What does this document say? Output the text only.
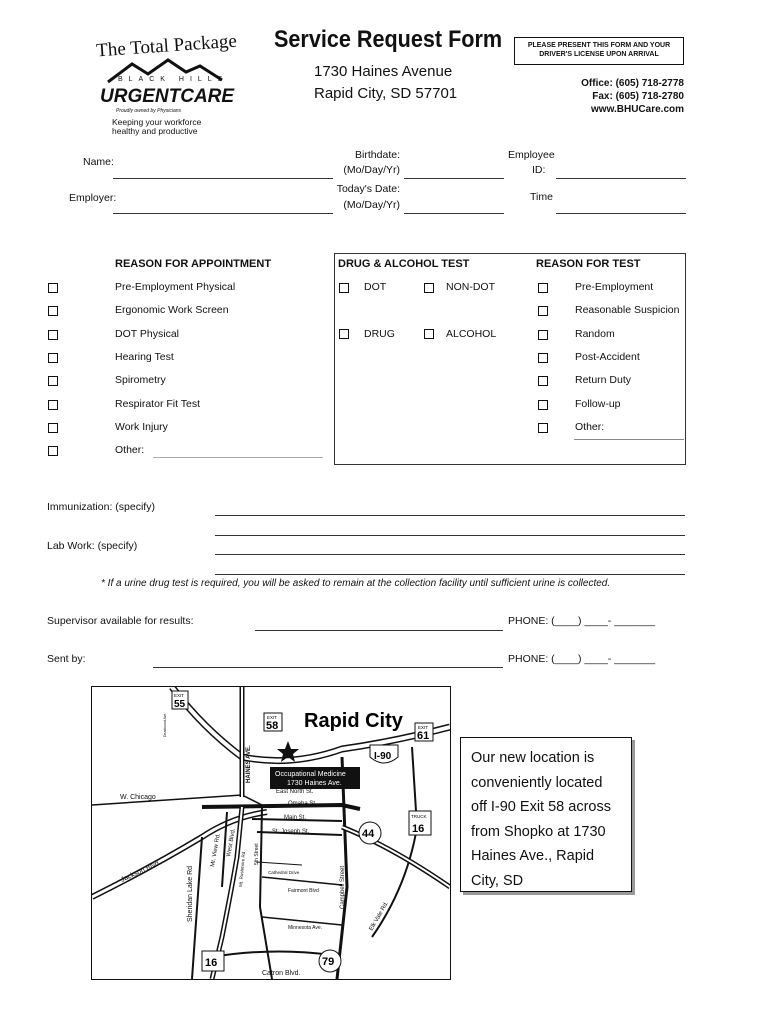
The Total Package
BLACK HILLS
URGENTCARE
Proudly owned by Physicians
Keeping your workforce healthy and productive
Service Request Form
1730 Haines Avenue
Rapid City, SD 57701
PLEASE PRESENT THIS FORM AND YOUR DRIVER'S LICENSE UPON ARRIVAL
Office: (605) 718-2778
Fax: (605) 718-2780
www.BHUCare.com
Name:
Employer:
Birthdate:
(Mo/Day/Yr)
Today's Date:
(Mo/Day/Yr)
Employee
ID:
Time
REASON FOR APPOINTMENT
Pre-Employment Physical
Ergonomic Work Screen
DOT Physical
Hearing Test
Spirometry
Respirator Fit Test
Work Injury
Other:
DRUG & ALCOHOL TEST
DOT	NON-DOT
DRUG	ALCOHOL
REASON FOR TEST
Pre-Employment
Reasonable Suspicion
Random
Post-Accident
Return Duty
Follow-up
Other:
Immunization: (specify)
Lab Work: (specify)
* If a urine drug test is required, you will be asked to remain at the collection facility until sufficient urine is collected.
Supervisor available for results:	PHONE: (____) ____- _______
Sent by:	PHONE: (____) ____- _______
Occupational Medicine
1730 Haines Ave.
Rapid City
EXIT
55
EXIT
58	EXIT
61
I-90
44
TRUCK
16
16	79
W. Chicago
East North St.
Omaha St.
Main St.
St. Joseph St.
Cathedral Drive
Fairmont Blvd
Minnesota Ave.
Catron Blvd.
Jackson Blvd.	Sheridan Lake Rd
Mt. View Rd. West Blvd.
Mt. Rushmore Rd 5th Street
Campbell Street
Elk Vale Rd.
HAINES AVE.
Deadwood Ave
Our new location is conveniently located off I-90 Exit 58 across from Shopko at 1730 Haines Ave., Rapid City, SD
